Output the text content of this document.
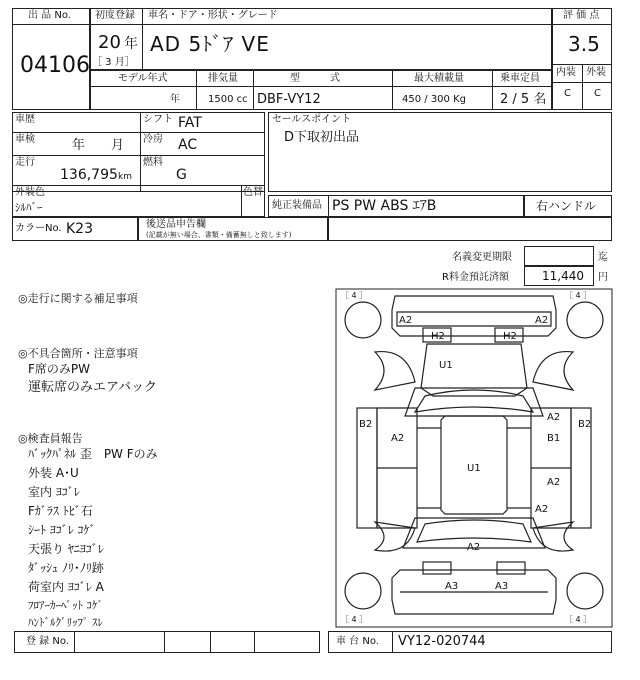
出 品 No.
04106
初度登録 車名・ドア・形状・グレード
20 年
［ 3 月］
AD 5ﾄﾞｱ VE
評 価 点
3.5
内装 外装
C C
モデル年式	排気量	型　　　式	最大積載量	乗車定員
年	1500 cc DBF-VY12	450 / 300 Kg	2 / 5 名
車歴	シフト FAT
車検	年　　月 冷房 AC
走行
136,795 km
燃料
G
セールスポイント
D下取初出品
外装色
ｼﾙﾊﾞｰ
色替
純正装備品 PS PW ABS ｴｱB	右ハンドル
カラーNo. K23	後送品申告欄
(記載が無い場合、書類・備蓄無しと致します)
名義変更期限	迄
R料金預託済額	11,440 円
◎走行に関する補足事項
◎不具合箇所・注意事項
F席のみPW
運転席のみエアバック
◎検査員報告
ﾊﾞｯｸﾊﾟﾈﾙ 歪　PW Fのみ
外装 A･U
室内 ﾖｺﾞﾚ
Fｶﾞﾗｽ ﾄﾋﾞ石
ｼｰﾄ ﾖｺﾞﾚ ｺｹﾞ
天張り ﾔﾆﾖｺﾞﾚ
ﾀﾞｯｼｭ ﾉﾘ･ﾉﾘ跡
荷室内 ﾖｺﾞﾚ A
ﾌﾛｱｰｶｰﾍﾟｯﾄ ｺｹﾞ
ﾊﾝﾄﾞﾙｸﾞﾘｯﾌﾟ ｽﾚ
［ 4 ］	［ 4 ］
［ 4 ］	［ 4 ］
A2	A2
H2	H2
U1
B2
A2
B2
A2
B1
U1
A2
A2
A2
A3	A3
登 録 No.	車 台 No. VY12-020744
